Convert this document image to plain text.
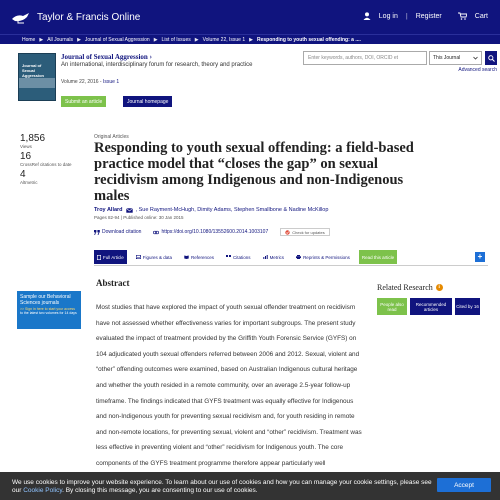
Taylor & Francis Online	Log in | Register	Cart
Home ▶ All Journals ▶ Journal of Sexual Aggression ▶ List of Issues ▶ Volume 22, Issue 1 ▶ Responding to youth sexual offending: a ....
Journal of Sexual Aggression
Journal of Sexual Aggression ›
An international, interdisciplinary forum for research, theory and practice
Volume 22, 2016 - Issue 1
Submit an article	Journal homepage
Enter keywords, authors, DOI, ORCID et	This Journal
Advanced search
1,856
Views
16
CrossRef citations to date
4
Altmetric
Original Articles
Responding to youth sexual offending: a field-based practice model that “closes the gap” on sexual recidivism among Indigenous and non-Indigenous males
Troy Allard , Sue Rayment-McHugh, Dimity Adams, Stephen Smallbone & Nadine McKillop
Pages 82-94 | Published online: 30 Jan 2015
Download citation	https://doi.org/10.1080/13552600.2014.1003107	Check for updates
Full Article	Figures & data	References	Citations	Metrics	Reprints & Permissions	Read this article	+
Sample our Behavioral Sciences journals
>> Sign in here to start your access
to the latest two volumes for 14 days
Abstract
Most studies that have explored the impact of youth sexual offender treatment on recidivism have not assessed whether effectiveness varies for important subgroups. The present study evaluated the impact of treatment provided by the Griffith Youth Forensic Service (GYFS) on 104 adjudicated youth sexual offenders referred between 2006 and 2012. Sexual, violent and “other” offending outcomes were examined, based on Australian Indigenous cultural heritage and whether the youth resided in a remote community, over an average 2.5-year follow-up timeframe. The findings indicated that GYFS treatment was equally effective for Indigenous and non-Indigenous youth for preventing sexual recidivism and, for youth residing in remote and non-remote locations, for preventing sexual, violent and “other” recidivism. Treatment was less effective in preventing violent and “other” recidivism for Indigenous youth. The core components of the GYFS treatment programme therefore appear particularly well
Related Research	i
People also read
Recommended articles	Cited by 16
We use cookies to improve your website experience. To learn about our use of cookies and how you can manage your cookie settings, please see our Cookie Policy. By closing this message, you are consenting to our use of cookies.
Accept
